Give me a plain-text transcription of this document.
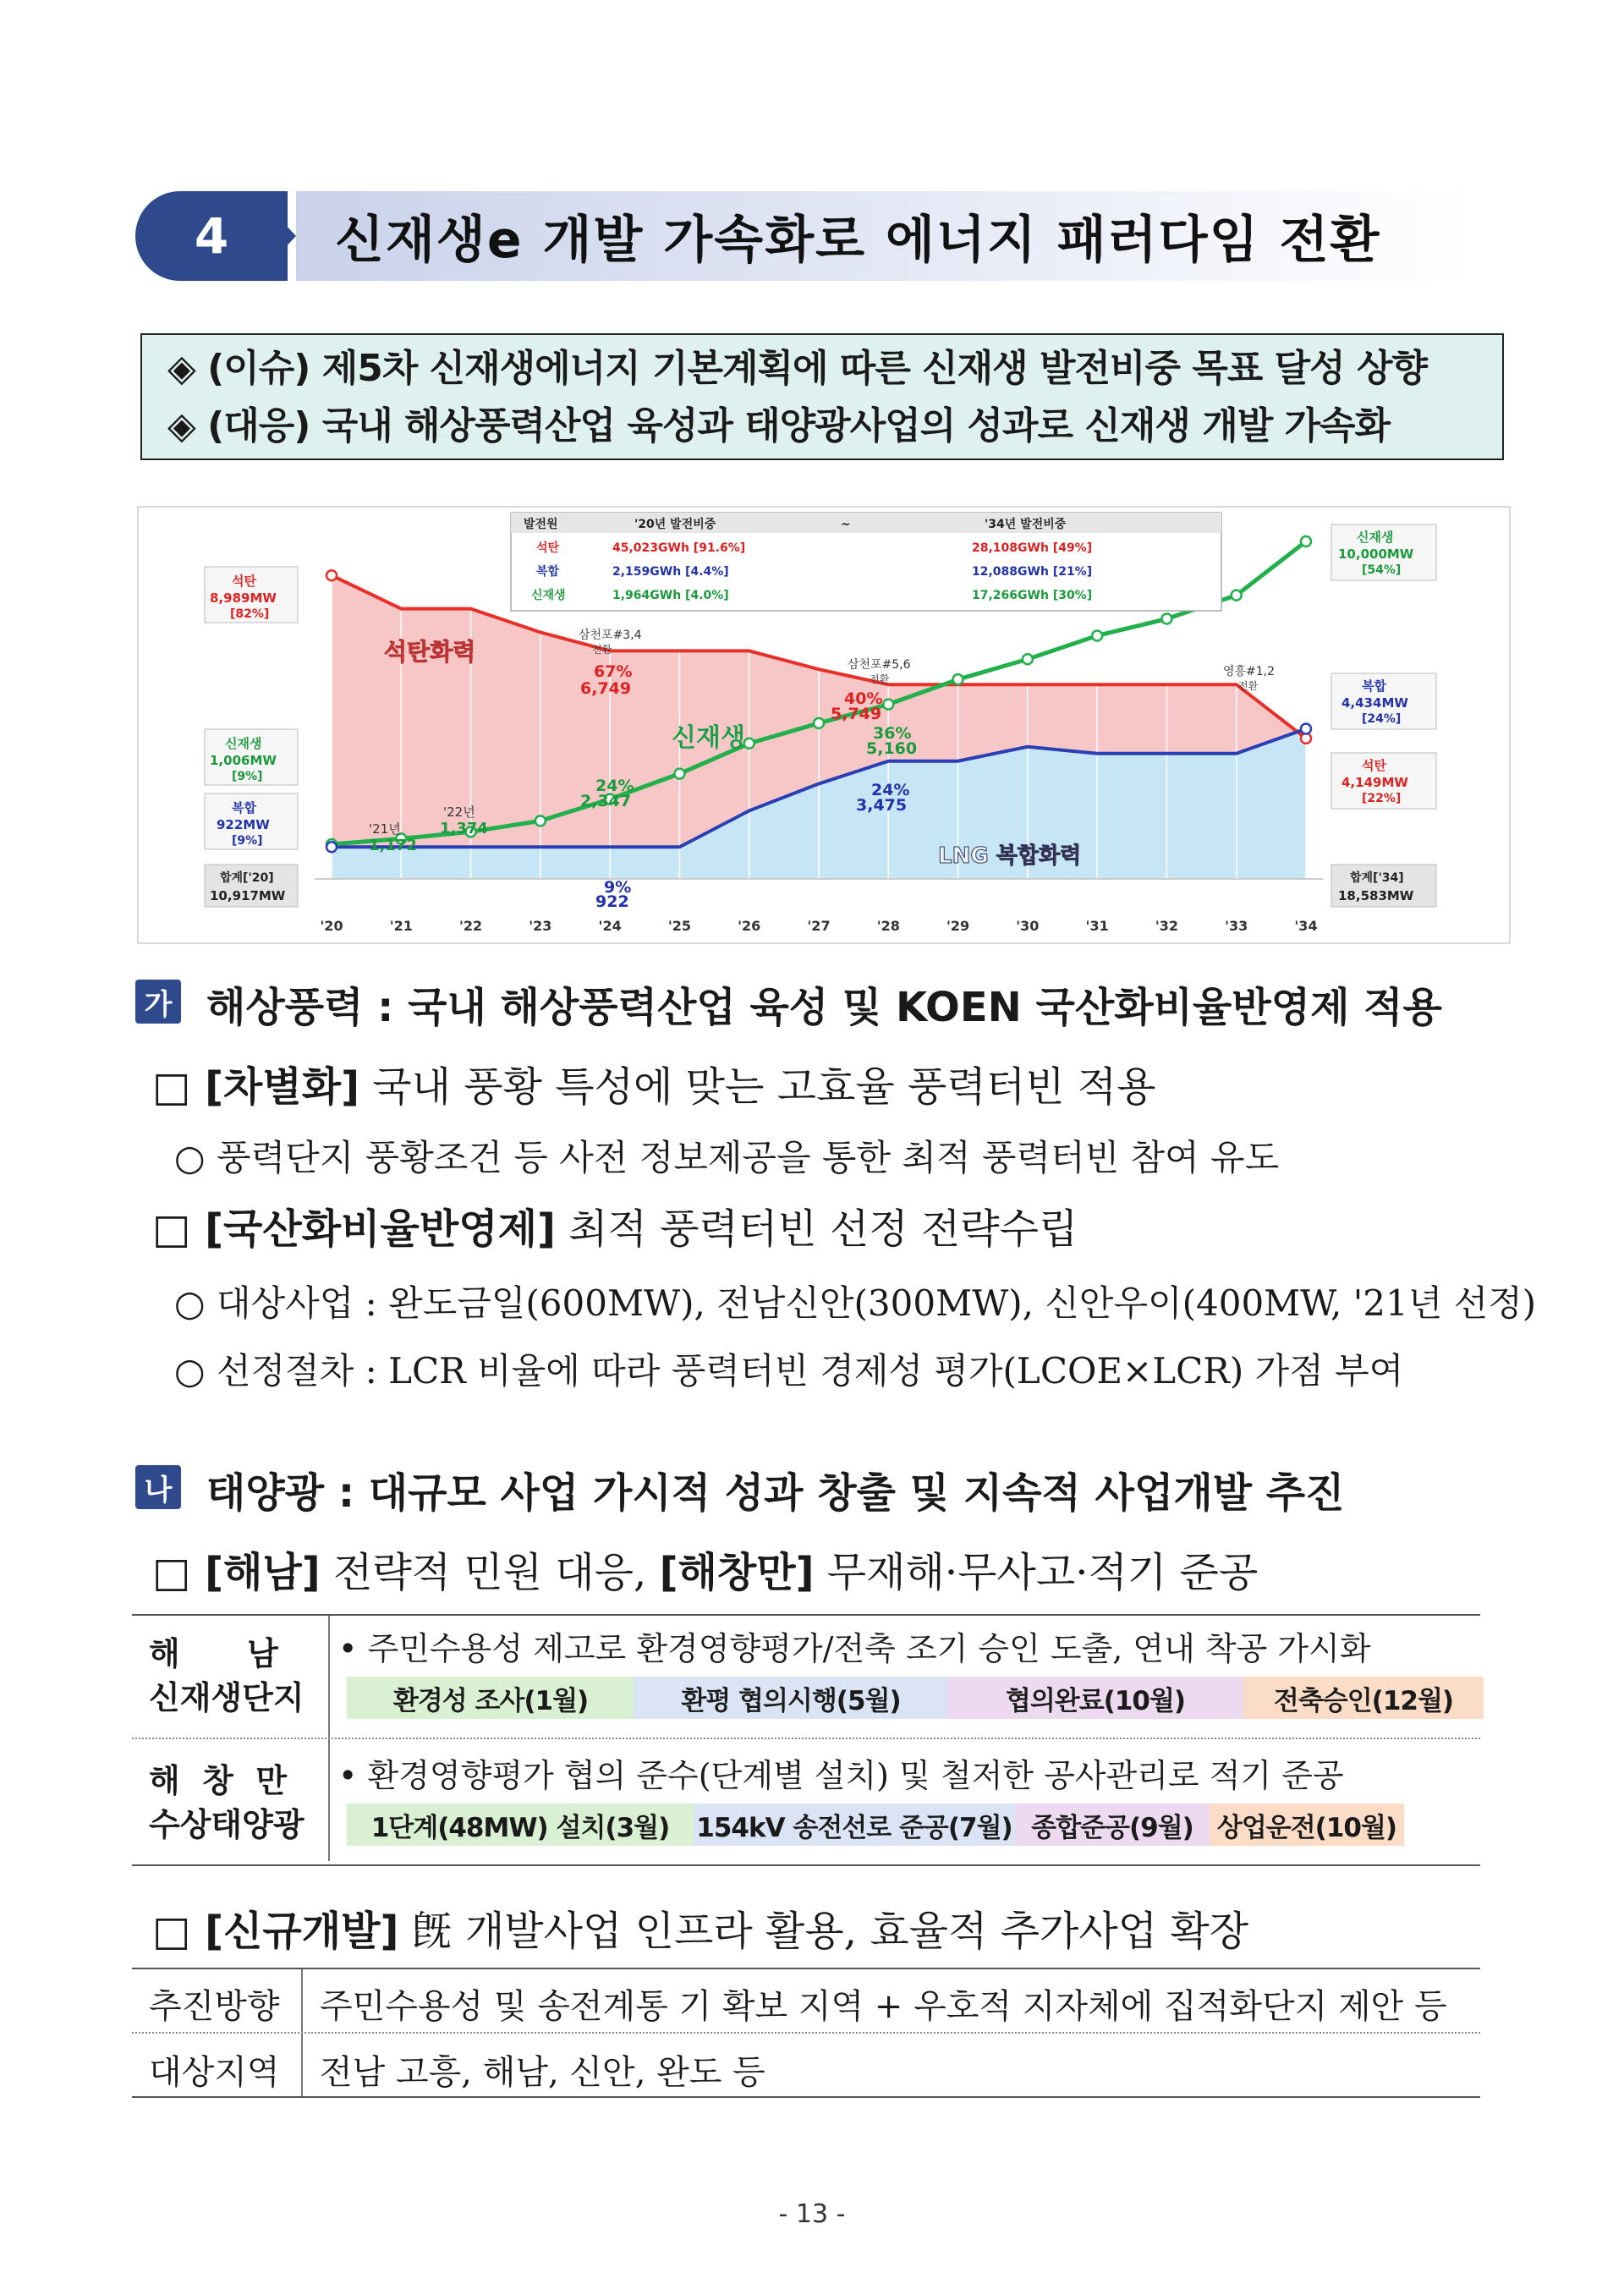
4 신재생e 개발 가속화로 에너지 패러다임 전환
◈ (이슈) 제5차 신재생에너지 기본계획에 따른 신재생 발전비중 목표 달성 상향
◈ (대응) 국내 해상풍력산업 육성과 태양광사업의 성과로 신재생 개발 가속화
'20	'21	'22	'23	'24	'25	'26	'27	'28	'29	'30	'31	'32	'33	'34
석탄화력
신재생
LNG 복합화력
삼천포#3,4
전환
67%
6,749
삼천포#5,6
전환
40%
5,749
36%
5,160
24%
3,475
영흥#1,2
전환
24%
2,347
9%
922
'21년
1,172
'22년
1,374
발전원	'20년 발전비중	~	'34년 발전비중
석탄	45,023GWh [91.6%]	28,108GWh [49%]
복합	2,159GWh [4.4%]	12,088GWh [21%]
신재생	1,964GWh [4.0%]	17,266GWh [30%]
석탄
8,989MW
[82%]
신재생
1,006MW
[9%]
복합
922MW
[9%]
합계['20]
10,917MW
신재생
10,000MW
[54%]
복합
4,434MW
[24%]
석탄
4,149MW
[22%]
합계['34]
18,583MW
가 해상풍력 : 국내 해상풍력산업 육성 및 KOEN 국산화비율반영제 적용
□ [차별화] 국내 풍황 특성에 맞는 고효율 풍력터빈 적용
○ 풍력단지 풍황조건 등 사전 정보제공을 통한 최적 풍력터빈 참여 유도
□ [국산화비율반영제] 최적 풍력터빈 선정 전략수립
○ 대상사업 : 완도금일(600MW), 전남신안(300MW), 신안우이(400MW, '21년 선정)
○ 선정절차 : LCR 비율에 따라 풍력터빈 경제성 평가(LCOE×LCR) 가점 부여
나 태양광 : 대규모 사업 가시적 성과 창출 및 지속적 사업개발 추진
□ [해남] 전략적 민원 대응, [해창만] 무재해·무사고·적기 준공
해      남
신재생단지
• 주민수용성 제고로 환경영향평가/전축 조기 승인 도출, 연내 착공 가시화
환경성 조사(1월)	환평 협의시행(5월)	협의완료(10월)	전축승인(12월)
해  창  만
수상태양광
• 환경영향평가 협의 준수(단계별 설치) 및 철저한 공사관리로 적기 준공
1단계(48MW) 설치(3월)	154kV 송전선로 준공(7월) 종합준공(9월) 상업운전(10월)
□ [신규개발] 旣 개발사업 인프라 활용, 효율적 추가사업 확장
추진방향 주민수용성 및 송전계통 기 확보 지역 + 우호적 지자체에 집적화단지 제안 등
대상지역 전남 고흥, 해남, 신안, 완도 등
- 13 -
